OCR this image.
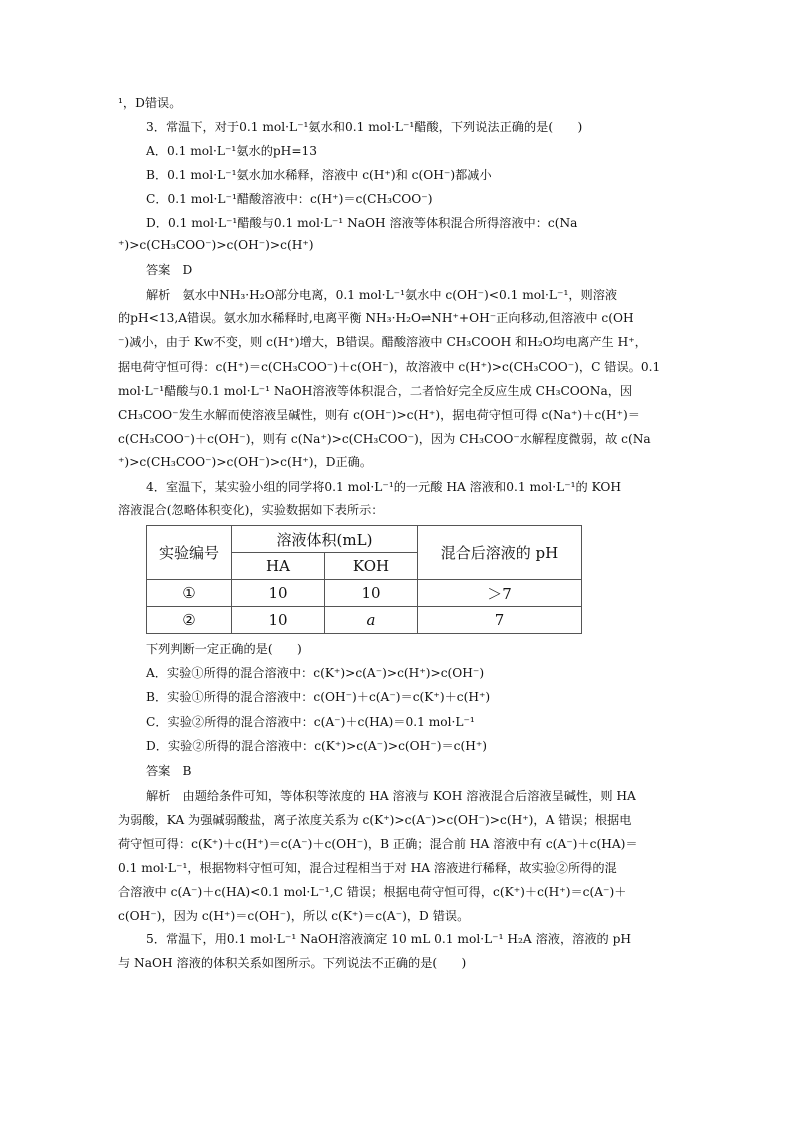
¹，D错误。
3．常温下，对于0.1 mol·L⁻¹氨水和0.1 mol·L⁻¹醋酸，下列说法正确的是(　　)
A．0.1 mol·L⁻¹氨水的pH=13
B．0.1 mol·L⁻¹氨水加水稀释，溶液中 c(H⁺)和 c(OH⁻)都减小
C．0.1 mol·L⁻¹醋酸溶液中：c(H⁺)＝c(CH₃COO⁻)
D．0.1 mol·L⁻¹醋酸与0.1 mol·L⁻¹ NaOH 溶液等体积混合所得溶液中：c(Na
⁺)>c(CH₃COO⁻)>c(OH⁻)>c(H⁺)
答案　D
解析　氨水中NH₃·H₂O部分电离，0.1 mol·L⁻¹氨水中 c(OH⁻)<0.1 mol·L⁻¹，则溶液
的pH<13,A错误。氨水加水稀释时,电离平衡 NH₃·H₂O⇌NH⁺+OH⁻正向移动,但溶液中 c(OH
⁻)减小，由于 Kw不变，则 c(H⁺)增大，B错误。醋酸溶液中 CH₃COOH 和H₂O均电离产生 H⁺，
据电荷守恒可得：c(H⁺)＝c(CH₃COO⁻)＋c(OH⁻)，故溶液中 c(H⁺)>c(CH₃COO⁻)，C 错误。0.1
mol·L⁻¹醋酸与0.1 mol·L⁻¹ NaOH溶液等体积混合，二者恰好完全反应生成 CH₃COONa，因
CH₃COO⁻发生水解而使溶液呈碱性，则有 c(OH⁻)>c(H⁺)，据电荷守恒可得 c(Na⁺)＋c(H⁺)＝
c(CH₃COO⁻)＋c(OH⁻)，则有 c(Na⁺)>c(CH₃COO⁻)，因为 CH₃COO⁻水解程度微弱，故 c(Na
⁺)>c(CH₃COO⁻)>c(OH⁻)>c(H⁺)，D正确。
4．室温下，某实验小组的同学将0.1 mol·L⁻¹的一元酸 HA 溶液和0.1 mol·L⁻¹的 KOH
溶液混合(忽略体积变化)，实验数据如下表所示：
实验编号	溶液体积(mL)		混合后溶液的 pH
	HA	KOH	
①	10	10	＞7
②	10	a	7
下列判断一定正确的是(　　)
A．实验①所得的混合溶液中：c(K⁺)>c(A⁻)>c(H⁺)>c(OH⁻)
B．实验①所得的混合溶液中：c(OH⁻)＋c(A⁻)＝c(K⁺)＋c(H⁺)
C．实验②所得的混合溶液中：c(A⁻)＋c(HA)＝0.1 mol·L⁻¹
D．实验②所得的混合溶液中：c(K⁺)>c(A⁻)>c(OH⁻)＝c(H⁺)
答案　B
解析　由题给条件可知，等体积等浓度的 HA 溶液与 KOH 溶液混合后溶液呈碱性，则 HA
为弱酸，KA 为强碱弱酸盐，离子浓度关系为 c(K⁺)>c(A⁻)>c(OH⁻)>c(H⁺)，A 错误；根据电
荷守恒可得：c(K⁺)＋c(H⁺)＝c(A⁻)＋c(OH⁻)，B 正确；混合前 HA 溶液中有 c(A⁻)＋c(HA)＝
0.1 mol·L⁻¹，根据物料守恒可知，混合过程相当于对 HA 溶液进行稀释，故实验②所得的混
合溶液中 c(A⁻)＋c(HA)<0.1 mol·L⁻¹,C 错误；根据电荷守恒可得，c(K⁺)＋c(H⁺)＝c(A⁻)＋
c(OH⁻)，因为 c(H⁺)＝c(OH⁻)，所以 c(K⁺)＝c(A⁻)，D 错误。
5．常温下，用0.1 mol·L⁻¹ NaOH溶液滴定 10 mL 0.1 mol·L⁻¹ H₂A 溶液，溶液的 pH
与 NaOH 溶液的体积关系如图所示。下列说法不正确的是(　　)
